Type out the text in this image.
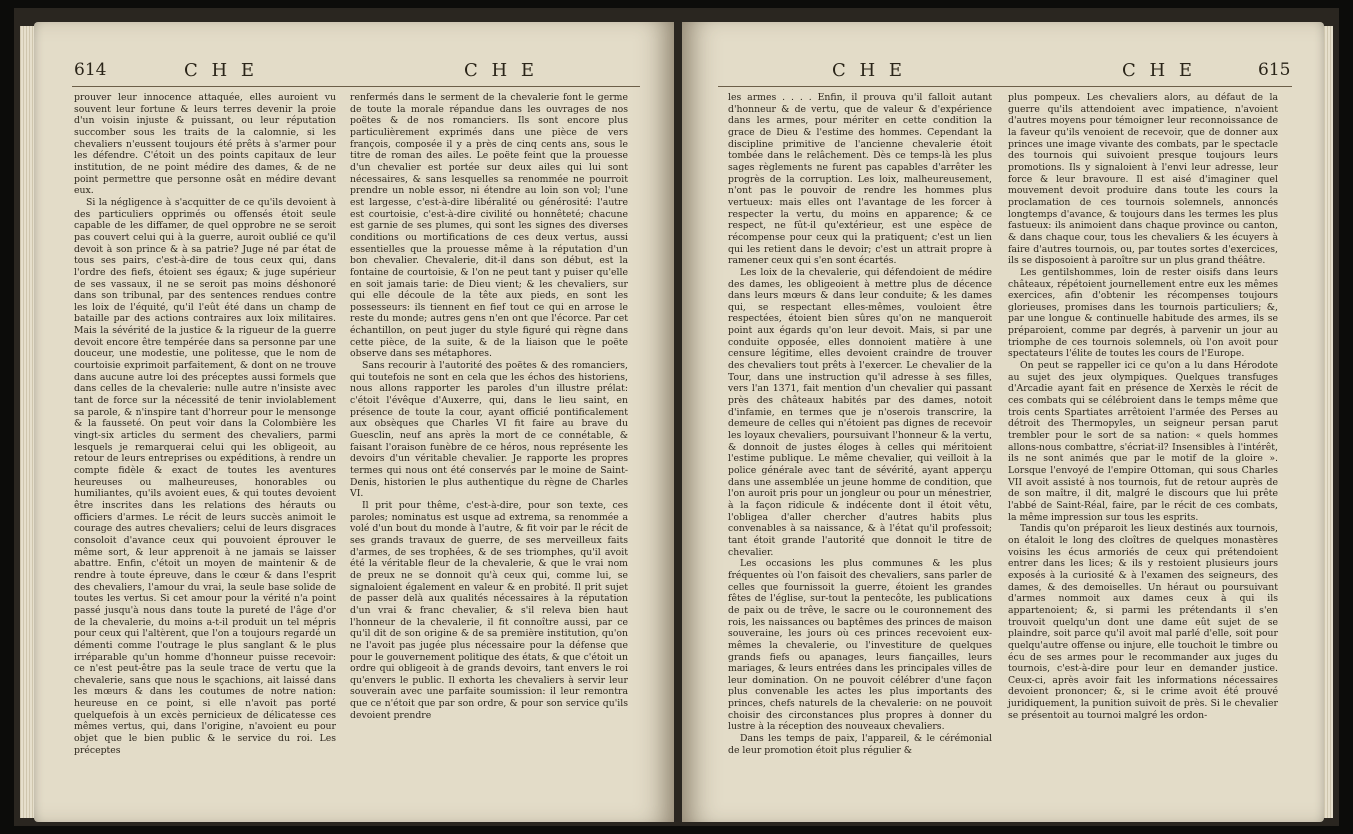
614	C H E	C H E

prouver leur innocence attaquée, elles auroient vu souvent leur fortune & leurs terres devenir la proie d'un voisin injuste & puissant, ou leur réputation succomber sous les traits de la calomnie, si les chevaliers n'eussent toujours été prêts à s'armer pour les défendre. C'étoit un des points capitaux de leur institution, de ne point médire des dames, & de ne point permettre que personne osât en médire devant eux.

Si la négligence à s'acquitter de ce qu'ils devoient à des particuliers opprimés ou offensés étoit seule capable de les diffamer, de quel opprobre ne se seroit pas couvert celui qui à la guerre, auroit oublié ce qu'il devoit à son prince & à sa patrie? Juge né par état de tous ses pairs, c'est-à-dire de tous ceux qui, dans l'ordre des fiefs, étoient ses égaux; & juge supérieur de ses vassaux, il ne se seroit pas moins déshonoré dans son tribunal, par des sentences rendues contre les loix de l'équité, qu'il l'eût été dans un champ de bataille par des actions contraires aux loix militaires. Mais la sévérité de la justice & la rigueur de la guerre devoit encore être tempérée dans sa personne par une douceur, une modestie, une politesse, que le nom de courtoisie exprimoit parfaitement, & dont on ne trouve dans aucune autre loi des préceptes aussi formels que dans celles de la chevalerie: nulle autre n'insiste avec tant de force sur la nécessité de tenir inviolablement sa parole, & n'inspire tant d'horreur pour le mensonge & la fausseté. On peut voir dans la Colombière les vingt-six articles du serment des chevaliers, parmi lesquels je remarquerai celui qui les obligeoit, au retour de leurs entreprises ou expéditions, à rendre un compte fidèle & exact de toutes les aventures heureuses ou malheureuses, honorables ou humiliantes, qu'ils avoient eues, & qui toutes devoient être inscrites dans les relations des hérauts ou officiers d'armes. Le récit de leurs succès animoit le courage des autres chevaliers; celui de leurs disgraces consoloit d'avance ceux qui pouvoient éprouver le même sort, & leur apprenoit à ne jamais se laisser abattre. Enfin, c'étoit un moyen de maintenir & de rendre à toute épreuve, dans le cœur & dans l'esprit des chevaliers, l'amour du vrai, la seule base solide de toutes les vertus. Si cet amour pour la vérité n'a point passé jusqu'à nous dans toute la pureté de l'âge d'or de la chevalerie, du moins a-t-il produit un tel mépris pour ceux qui l'altèrent, que l'on a toujours regardé un démenti comme l'outrage le plus sanglant & le plus irréparable qu'un homme d'honneur puisse recevoir: ce n'est peut-être pas la seule trace de vertu que la chevalerie, sans que nous le sçachions, ait laissé dans les mœurs & dans les coutumes de notre nation: heureuse en ce point, si elle n'avoit pas porté quelquefois à un excès pernicieux de délicatesse ces mêmes vertus, qui, dans l'origine, n'avoient eu pour objet que le bien public & le service du roi. Les préceptes

renfermés dans le serment de la chevalerie font le germe de toute la morale répandue dans les ouvrages de nos poëtes & de nos romanciers. Ils sont encore plus particulièrement exprimés dans une pièce de vers françois, composée il y a près de cinq cents ans, sous le titre de roman des ailes. Le poëte feint que la prouesse d'un chevalier est portée sur deux ailes qui lui sont nécessaires, & sans lesquelles sa renommée ne pourroit prendre un noble essor, ni étendre au loin son vol; l'une est largesse, c'est-à-dire libéralité ou générosité: l'autre est courtoisie, c'est-à-dire civilité ou honnêteté; chacune est garnie de ses plumes, qui sont les signes des diverses conditions ou mortifications de ces deux vertus, aussi essentielles que la prouesse même à la réputation d'un bon chevalier. Chevalerie, dit-il dans son début, est la fontaine de courtoisie, & l'on ne peut tant y puiser qu'elle en soit jamais tarie: de Dieu vient; & les chevaliers, sur qui elle découle de la tête aux pieds, en sont les possesseurs: ils tiennent en fief tout ce qui en arrose le reste du monde; autres gens n'en ont que l'écorce. Par cet échantillon, on peut juger du style figuré qui règne dans cette pièce, de la suite, & de la liaison que le poëte observe dans ses métaphores.

Sans recourir à l'autorité des poëtes & des romanciers, qui toutefois ne sont en cela que les échos des historiens, nous allons rapporter les paroles d'un illustre prélat: c'étoit l'évêque d'Auxerre, qui, dans le lieu saint, en présence de toute la cour, ayant officié pontificalement aux obsèques que Charles VI fit faire au brave du Guesclin, neuf ans après la mort de ce connétable, & faisant l'oraison funèbre de ce héros, nous représente les devoirs d'un véritable chevalier. Je rapporte les propres termes qui nous ont été conservés par le moine de Saint-Denis, historien le plus authentique du règne de Charles VI.

Il prit pour thême, c'est-à-dire, pour son texte, ces paroles; nominatus est usque ad extrema, sa renommée a volé d'un bout du monde à l'autre, & fit voir par le récit de ses grands travaux de guerre, de ses merveilleux faits d'armes, de ses trophées, & de ses triomphes, qu'il avoit été la véritable fleur de la chevalerie, & que le vrai nom de preux ne se donnoit qu'à ceux qui, comme lui, se signaloient également en valeur & en probité. Il prit sujet de passer delà aux qualités nécessaires à la réputation d'un vrai & franc chevalier, & s'il releva bien haut l'honneur de la chevalerie, il fit connoître aussi, par ce qu'il dit de son origine & de sa première institution, qu'on ne l'avoit pas jugée plus nécessaire pour la défense que pour le gouvernement politique des états, & que c'étoit un ordre qui obligeoit à de grands devoirs, tant envers le roi qu'envers le public. Il exhorta les chevaliers à servir leur souverain avec une parfaite soumission: il leur remontra que ce n'étoit que par son ordre, & pour son service qu'ils devoient prendre

C H E	C H E	615

les armes . . . . Enfin, il prouva qu'il falloit autant d'honneur & de vertu, que de valeur & d'expérience dans les armes, pour mériter en cette condition la grace de Dieu & l'estime des hommes. Cependant la discipline primitive de l'ancienne chevalerie étoit tombée dans le relâchement. Dès ce temps-là les plus sages règlements ne furent pas capables d'arrêter les progrès de la corruption. Les loix, malheureusement, n'ont pas le pouvoir de rendre les hommes plus vertueux: mais elles ont l'avantage de les forcer à respecter la vertu, du moins en apparence; & ce respect, ne fût-il qu'extérieur, est une espèce de récompense pour ceux qui la pratiquent; c'est un lien qui les retient dans le devoir; c'est un attrait propre à ramener ceux qui s'en sont écartés.

Les loix de la chevalerie, qui défendoient de médire des dames, les obligeoient à mettre plus de décence dans leurs mœurs & dans leur conduite; & les dames qui, se respectant elles-mêmes, vouloient être respectées, étoient bien sûres qu'on ne manqueroit point aux égards qu'on leur devoit. Mais, si par une conduite opposée, elles donnoient matière à une censure légitime, elles devoient craindre de trouver des chevaliers tout prêts à l'exercer. Le chevalier de la Tour, dans une instruction qu'il adresse à ses filles, vers l'an 1371, fait mention d'un chevalier qui passant près des châteaux habités par des dames, notoit d'infamie, en termes que je n'oserois transcrire, la demeure de celles qui n'étoient pas dignes de recevoir les loyaux chevaliers, poursuivant l'honneur & la vertu, & donnoit de justes éloges à celles qui méritoient l'estime publique. Le même chevalier, qui veilloit à la police générale avec tant de sévérité, ayant apperçu dans une assemblée un jeune homme de condition, que l'on auroit pris pour un jongleur ou pour un ménestrier, à la façon ridicule & indécente dont il étoit vêtu, l'obligea d'aller chercher d'autres habits plus convenables à sa naissance, & à l'état qu'il professoit; tant étoit grande l'autorité que donnoit le titre de chevalier.

Les occasions les plus communes & les plus fréquentes où l'on faisoit des chevaliers, sans parler de celles que fournissoit la guerre, étoient les grandes fêtes de l'église, sur-tout la pentecôte, les publications de paix ou de trêve, le sacre ou le couronnement des rois, les naissances ou baptêmes des princes de maison souveraine, les jours où ces princes recevoient eux-mêmes la chevalerie, ou l'investiture de quelques grands fiefs ou apanages, leurs fiançailles, leurs mariages, & leurs entrées dans les principales villes de leur domination. On ne pouvoit célébrer d'une façon plus convenable les actes les plus importants des princes, chefs naturels de la chevalerie: on ne pouvoit choisir des circonstances plus propres à donner du lustre à la réception des nouveaux chevaliers.

Dans les temps de paix, l'appareil, & le cérémonial de leur promotion étoit plus régulier &

plus pompeux. Les chevaliers alors, au défaut de la guerre qu'ils attendoient avec impatience, n'avoient d'autres moyens pour témoigner leur reconnoissance de la faveur qu'ils venoient de recevoir, que de donner aux princes une image vivante des combats, par le spectacle des tournois qui suivoient presque toujours leurs promotions. Ils y signaloient à l'envi leur adresse, leur force & leur bravoure. Il est aisé d'imaginer quel mouvement devoit produire dans toute les cours la proclamation de ces tournois solemnels, annoncés longtemps d'avance, & toujours dans les termes les plus fastueux: ils animoient dans chaque province ou canton, & dans chaque cour, tous les chevaliers & les écuyers à faire d'autres tournois, ou, par toutes sortes d'exercices, ils se disposoient à paroître sur un plus grand théâtre.

Les gentilshommes, loin de rester oisifs dans leurs châteaux, répétoient journellement entre eux les mêmes exercices, afin d'obtenir les récompenses toujours glorieuses, promises dans les tournois particuliers; &, par une longue & continuelle habitude des armes, ils se préparoient, comme par degrés, à parvenir un jour au triomphe de ces tournois solemnels, où l'on avoit pour spectateurs l'élite de toutes les cours de l'Europe.

On peut se rappeller ici ce qu'on a lu dans Hérodote au sujet des jeux olympiques. Quelques transfuges d'Arcadie ayant fait en présence de Xerxès le récit de ces combats qui se célébroient dans le temps même que trois cents Spartiates arrêtoient l'armée des Perses au détroit des Thermopyles, un seigneur persan parut trembler pour le sort de sa nation: « quels hommes allons-nous combattre, s'écriat-il? Insensibles à l'intérêt, ils ne sont animés que par le motif de la gloire ». Lorsque l'envoyé de l'empire Ottoman, qui sous Charles VII avoit assisté à nos tournois, fut de retour auprès de de son maître, il dit, malgré le discours que lui prête l'abbé de Saint-Réal, faire, par le récit de ces combats, la même impression sur tous les esprits.

Tandis qu'on préparoit les lieux destinés aux tournois, on étaloit le long des cloîtres de quelques monastères voisins les écus armoriés de ceux qui prétendoient entrer dans les lices; & ils y restoient plusieurs jours exposés à la curiosité & à l'examen des seigneurs, des dames, & des demoiselles. Un héraut ou poursuivant d'armes nommoit aux dames ceux à qui ils appartenoient; &, si parmi les prétendants il s'en trouvoit quelqu'un dont une dame eût sujet de se plaindre, soit parce qu'il avoit mal parlé d'elle, soit pour quelqu'autre offense ou injure, elle touchoit le timbre ou écu de ses armes pour le recommander aux juges du tournois, c'est-à-dire pour leur en demander justice. Ceux-ci, après avoir fait les informations nécessaires devoient prononcer; &, si le crime avoit été prouvé juridiquement, la punition suivoit de près. Si le chevalier se présentoit au tournoi malgré les ordon-
